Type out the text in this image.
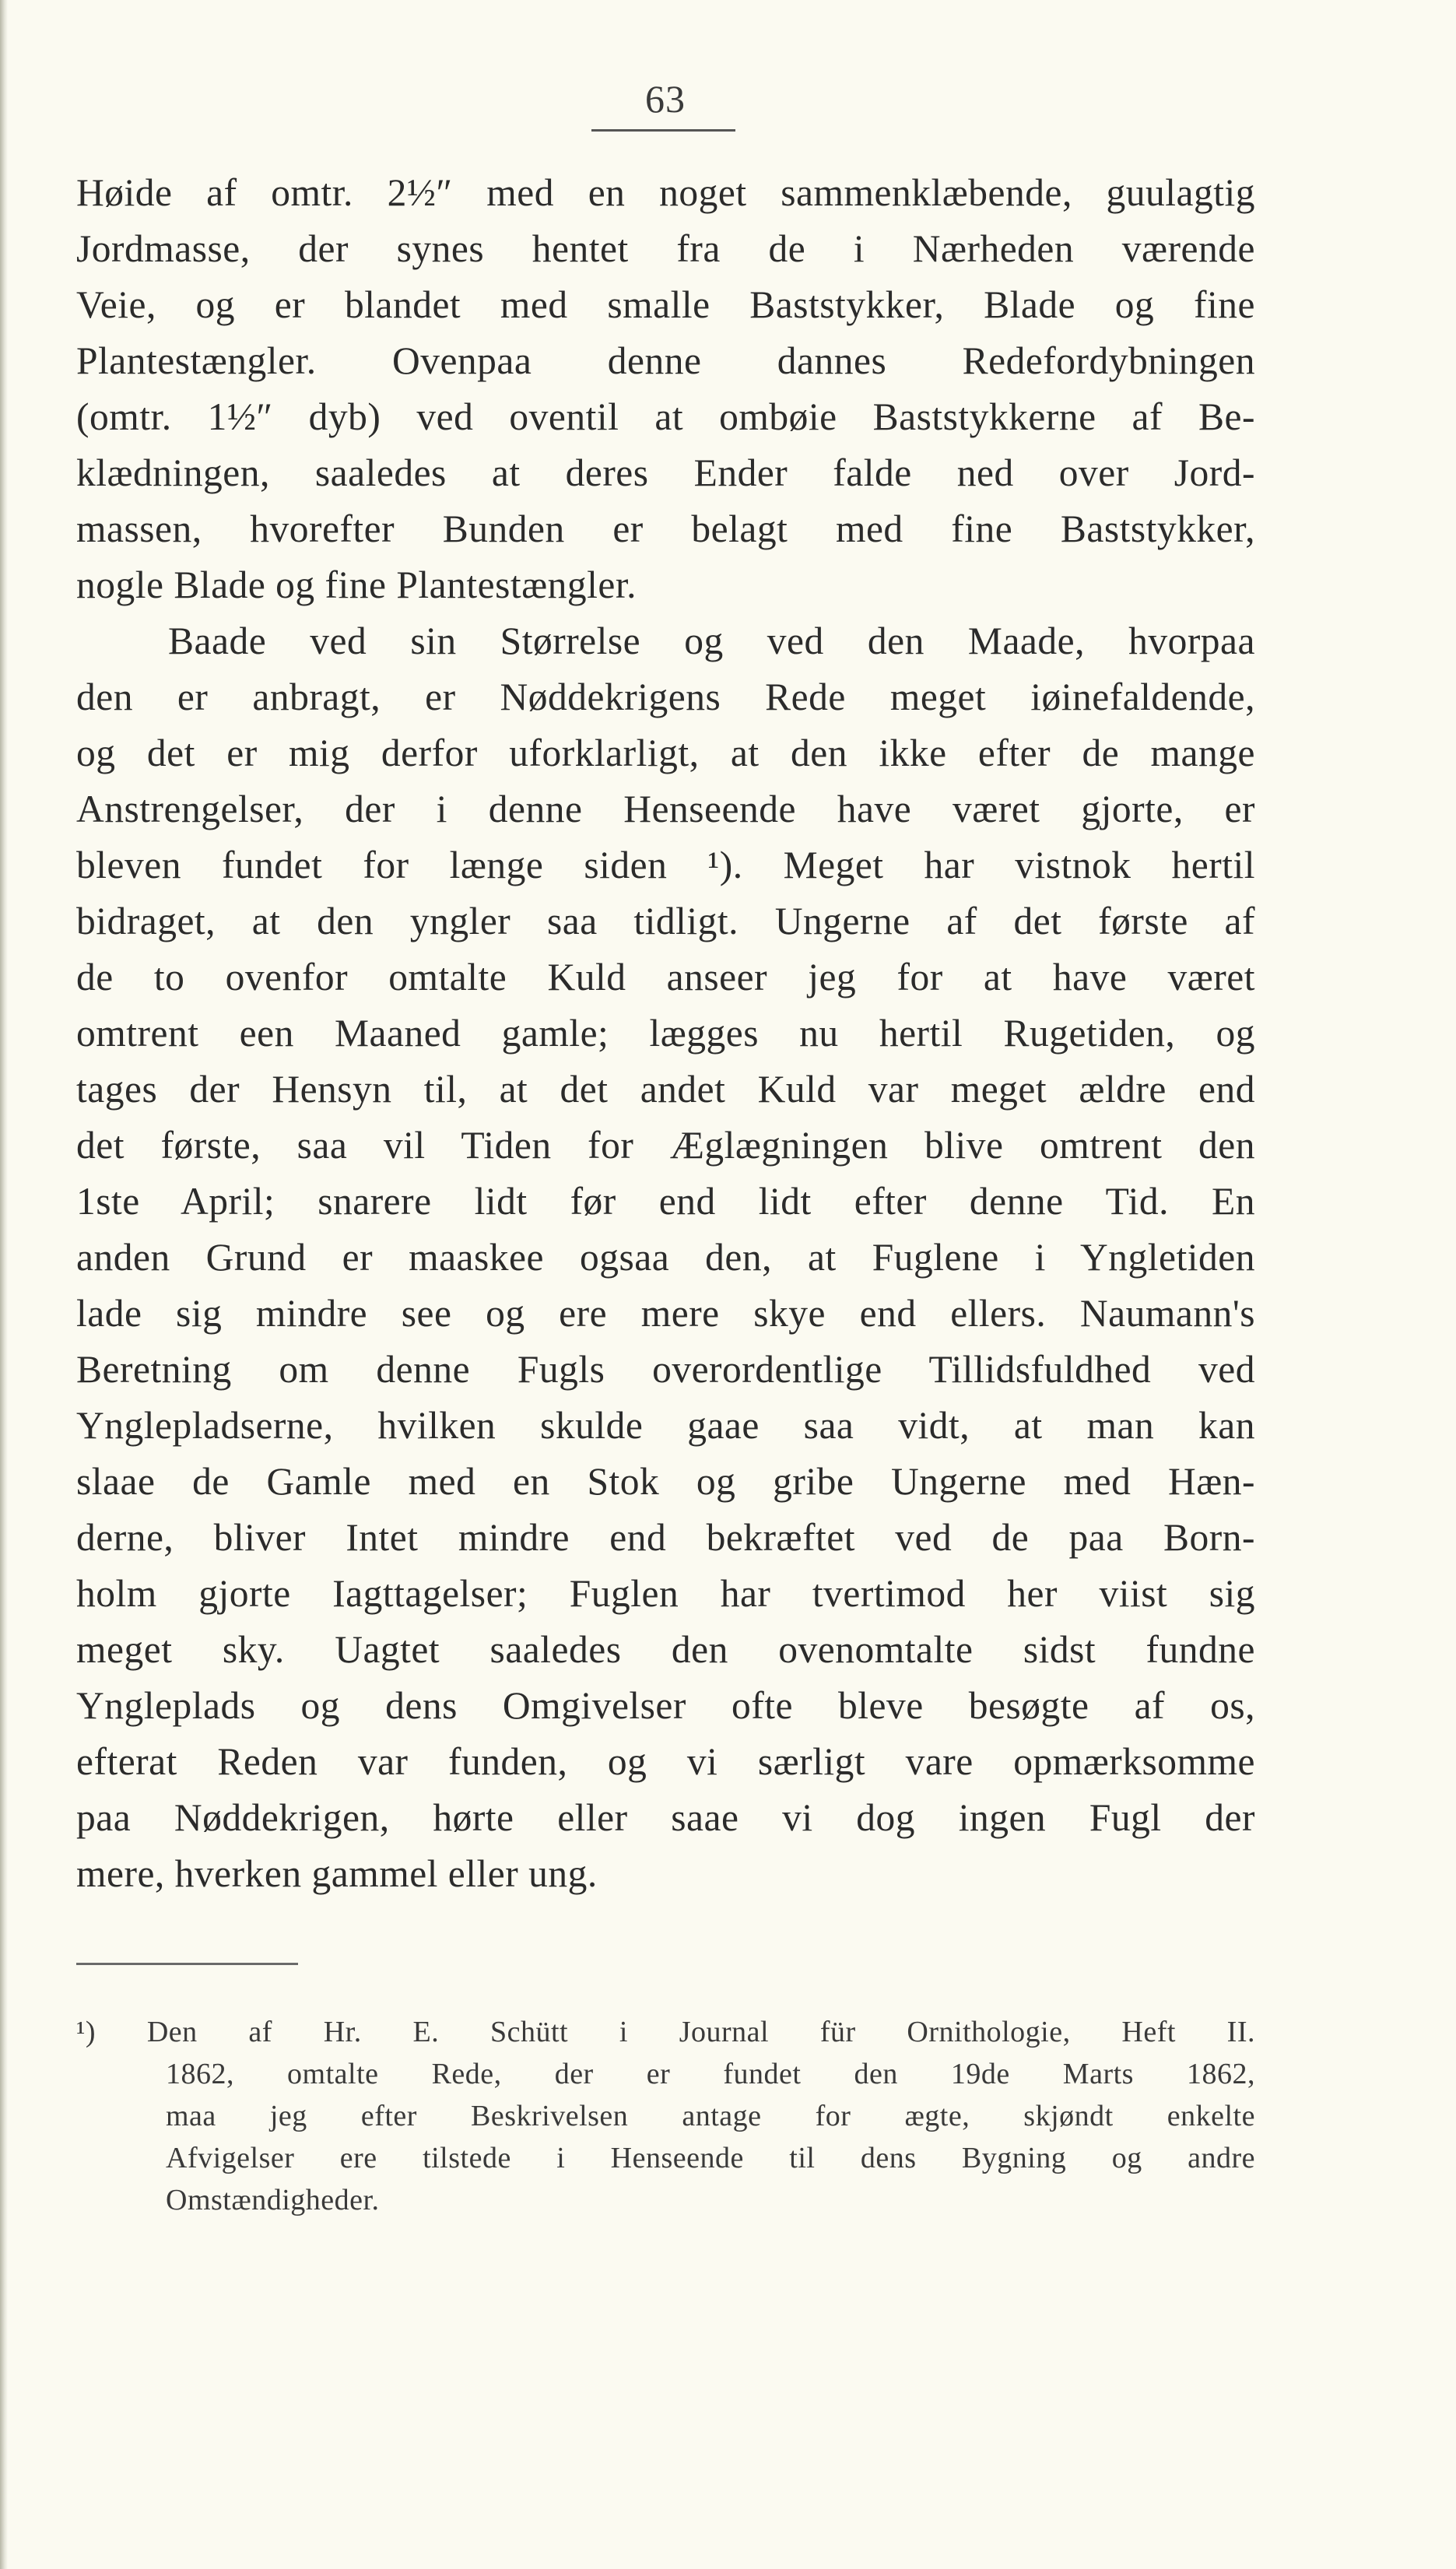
63
Høide af omtr. 2½″ med en noget sammenklæbende, guulagtig
Jordmasse, der synes hentet fra de i Nærheden værende
Veie, og er blandet med smalle Baststykker, Blade og fine
Plantestængler. Ovenpaa denne dannes Redefordybningen
(omtr. 1½″ dyb) ved oventil at ombøie Baststykkerne af Be-
klædningen, saaledes at deres Ender falde ned over Jord-
massen, hvorefter Bunden er belagt med fine Baststykker,
nogle Blade og fine Plantestængler.
Baade ved sin Størrelse og ved den Maade, hvorpaa
den er anbragt, er Nøddekrigens Rede meget iøinefaldende,
og det er mig derfor uforklarligt, at den ikke efter de mange
Anstrengelser, der i denne Henseende have været gjorte, er
bleven fundet for længe siden ¹). Meget har vistnok hertil
bidraget, at den yngler saa tidligt. Ungerne af det første af
de to ovenfor omtalte Kuld anseer jeg for at have været
omtrent een Maaned gamle; lægges nu hertil Rugetiden, og
tages der Hensyn til, at det andet Kuld var meget ældre end
det første, saa vil Tiden for Æglægningen blive omtrent den
1ste April; snarere lidt før end lidt efter denne Tid. En
anden Grund er maaskee ogsaa den, at Fuglene i Yngletiden
lade sig mindre see og ere mere skye end ellers. Naumann's
Beretning om denne Fugls overordentlige Tillidsfuldhed ved
Ynglepladserne, hvilken skulde gaae saa vidt, at man kan
slaae de Gamle med en Stok og gribe Ungerne med Hæn-
derne, bliver Intet mindre end bekræftet ved de paa Born-
holm gjorte Iagttagelser; Fuglen har tvertimod her viist sig
meget sky. Uagtet saaledes den ovenomtalte sidst fundne
Yngleplads og dens Omgivelser ofte bleve besøgte af os,
efterat Reden var funden, og vi særligt vare opmærksomme
paa Nøddekrigen, hørte eller saae vi dog ingen Fugl der
mere, hverken gammel eller ung.
¹) Den af Hr. E. Schütt i Journal für Ornithologie, Heft II.
1862, omtalte Rede, der er fundet den 19de Marts 1862,
maa jeg efter Beskrivelsen antage for ægte, skjøndt enkelte
Afvigelser ere tilstede i Henseende til dens Bygning og andre
Omstændigheder.
